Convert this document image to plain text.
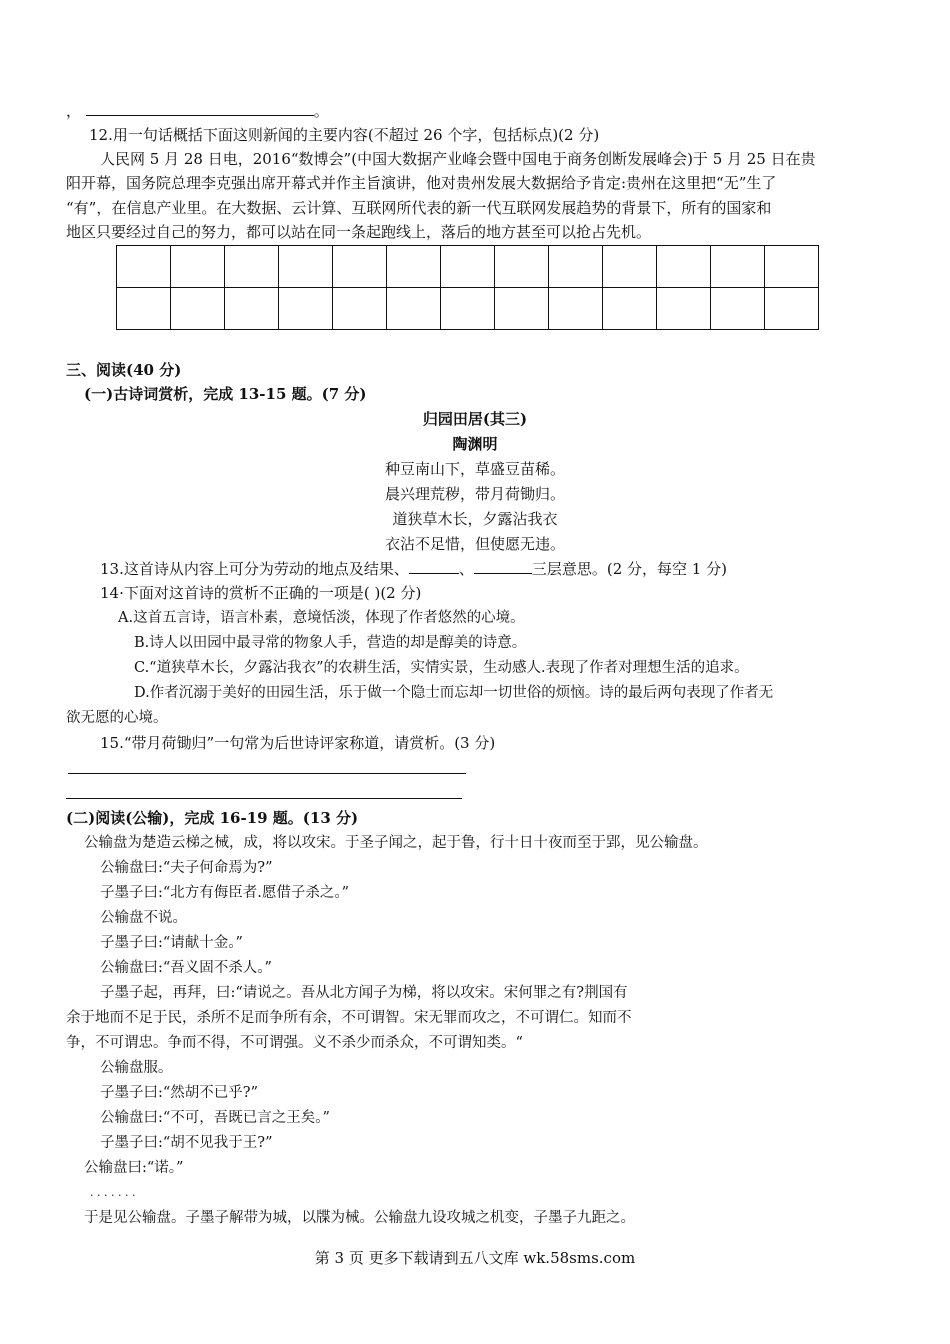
，	。
12.用一句话概括下面这则新闻的主要内容(不超过 26 个字，包括标点)(2 分)
人民网 5 月 28 日电，2016“数博会”(中国大数据产业峰会暨中国电于商务创断发展峰会)于 5 月 25 日在贵
阳开幕，国务院总理李克强出席开幕式并作主旨演讲，他对贵州发展大数据给予肯定:贵州在这里把“无”生了
“有”，在信息产业里。在大数据、云计算、互联网所代表的新一代互联网发展趋势的背景下，所有的国家和
地区只要经过自己的努力，都可以站在同一条起跑线上，落后的地方甚至可以抢占先机。

三、阅读(40 分)
(一)古诗词赏析，完成 13-15 题。(7 分)
归园田居(其三)
陶渊明
种豆南山下，草盛豆苗稀。
晨兴理荒秽，带月荷锄归。
道狭草木长，夕露沾我衣
衣沾不足惜，但使愿无违。
13.这首诗从内容上可分为劳动的地点及结果、	、	三层意思。(2 分，每空 1 分)
14·下面对这首诗的赏析不正确的一项是( )(2 分)
A.这首五言诗，语言朴素，意境恬淡，体现了作者悠然的心境。
B.诗人以田园中最寻常的物象人手，营造的却是醇美的诗意。
C.“道狭草木长，夕露沾我衣”的农耕生活，实情实景，生动感人.表现了作者对理想生活的追求。
D.作者沉溺于美好的田园生活，乐于做一个隐士而忘却一切世俗的烦恼。诗的最后两句表现了作者无
欲无愿的心境。
15.“带月荷锄归”一句常为后世诗评家称道，请赏析。(3 分)
(二)阅读(公输)，完成 16-19 题。(13 分)
公输盘为楚造云梯之械，成，将以攻宋。于圣子闻之，起于鲁，行十日十夜而至于郢，见公输盘。
公输盘曰:“夫子何命焉为?”
子墨子曰:“北方有侮臣者.愿借子杀之。”
公输盘不说。
子墨子曰:“请献十金。”
公输盘曰:“吾义固不杀人。”
子墨子起，再拜，曰:“请说之。吾从北方闻子为梯，将以攻宋。宋何罪之有?荆国有
余于地而不足于民，杀所不足而争所有余，不可谓智。宋无罪而攻之，不可谓仁。知而不
争，不可谓忠。争而不得，不可谓强。义不杀少而杀众，不可谓知类。“
公输盘服。
子墨子曰:“然胡不已乎?”
公输盘曰:“不可，吾既已言之王矣。”
子墨子曰:“胡不见我于王?”
公输盘曰:“诺。”
. . . . . . .
于是见公输盘。子墨子解带为城，以牒为械。公输盘九设攻城之机变，子墨子九距之。
第 3 页 更多下载请到五八文库 wk.58sms.com
